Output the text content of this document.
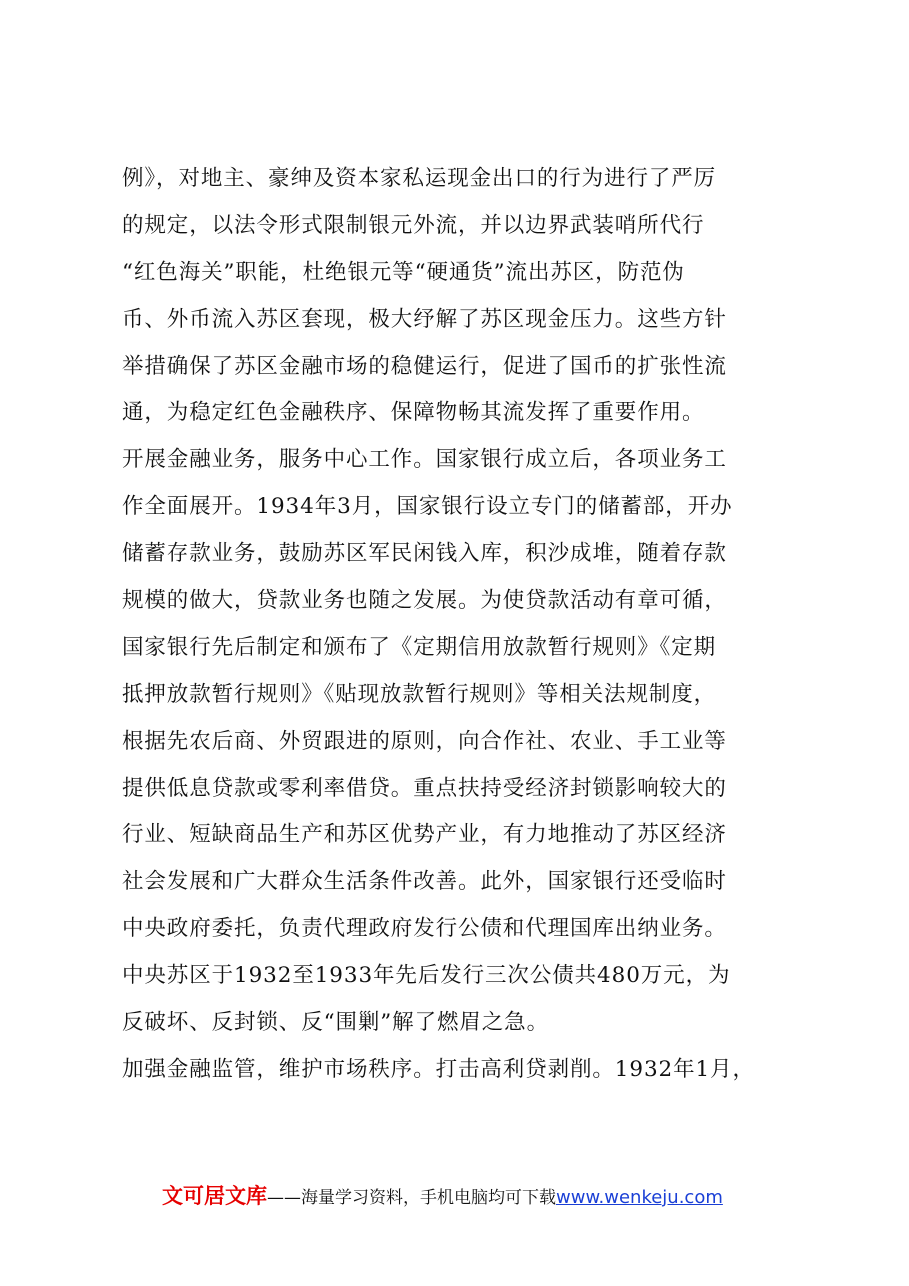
例》，对地主、豪绅及资本家私运现金出口的行为进行了严厉
的规定，以法令形式限制银元外流，并以边界武装哨所代行
“红色海关”职能，杜绝银元等“硬通货”流出苏区，防范伪
币、外币流入苏区套现，极大纾解了苏区现金压力。这些方针
举措确保了苏区金融市场的稳健运行，促进了国币的扩张性流
通，为稳定红色金融秩序、保障物畅其流发挥了重要作用。
开展金融业务，服务中心工作。国家银行成立后，各项业务工
作全面展开。1934年3月，国家银行设立专门的储蓄部，开办
储蓄存款业务，鼓励苏区军民闲钱入库，积沙成堆，随着存款
规模的做大，贷款业务也随之发展。为使贷款活动有章可循，
国家银行先后制定和颁布了《定期信用放款暂行规则》《定期
抵押放款暂行规则》《贴现放款暂行规则》等相关法规制度，
根据先农后商、外贸跟进的原则，向合作社、农业、手工业等
提供低息贷款或零利率借贷。重点扶持受经济封锁影响较大的
行业、短缺商品生产和苏区优势产业，有力地推动了苏区经济
社会发展和广大群众生活条件改善。此外，国家银行还受临时
中央政府委托，负责代理政府发行公债和代理国库出纳业务。
中央苏区于1932至1933年先后发行三次公债共480万元，为
反破坏、反封锁、反“围剿”解了燃眉之急。
加强金融监管，维护市场秩序。打击高利贷剥削。1932年1月，
文可居文库——海量学习资料，手机电脑均可下载www.wenkeju.com
